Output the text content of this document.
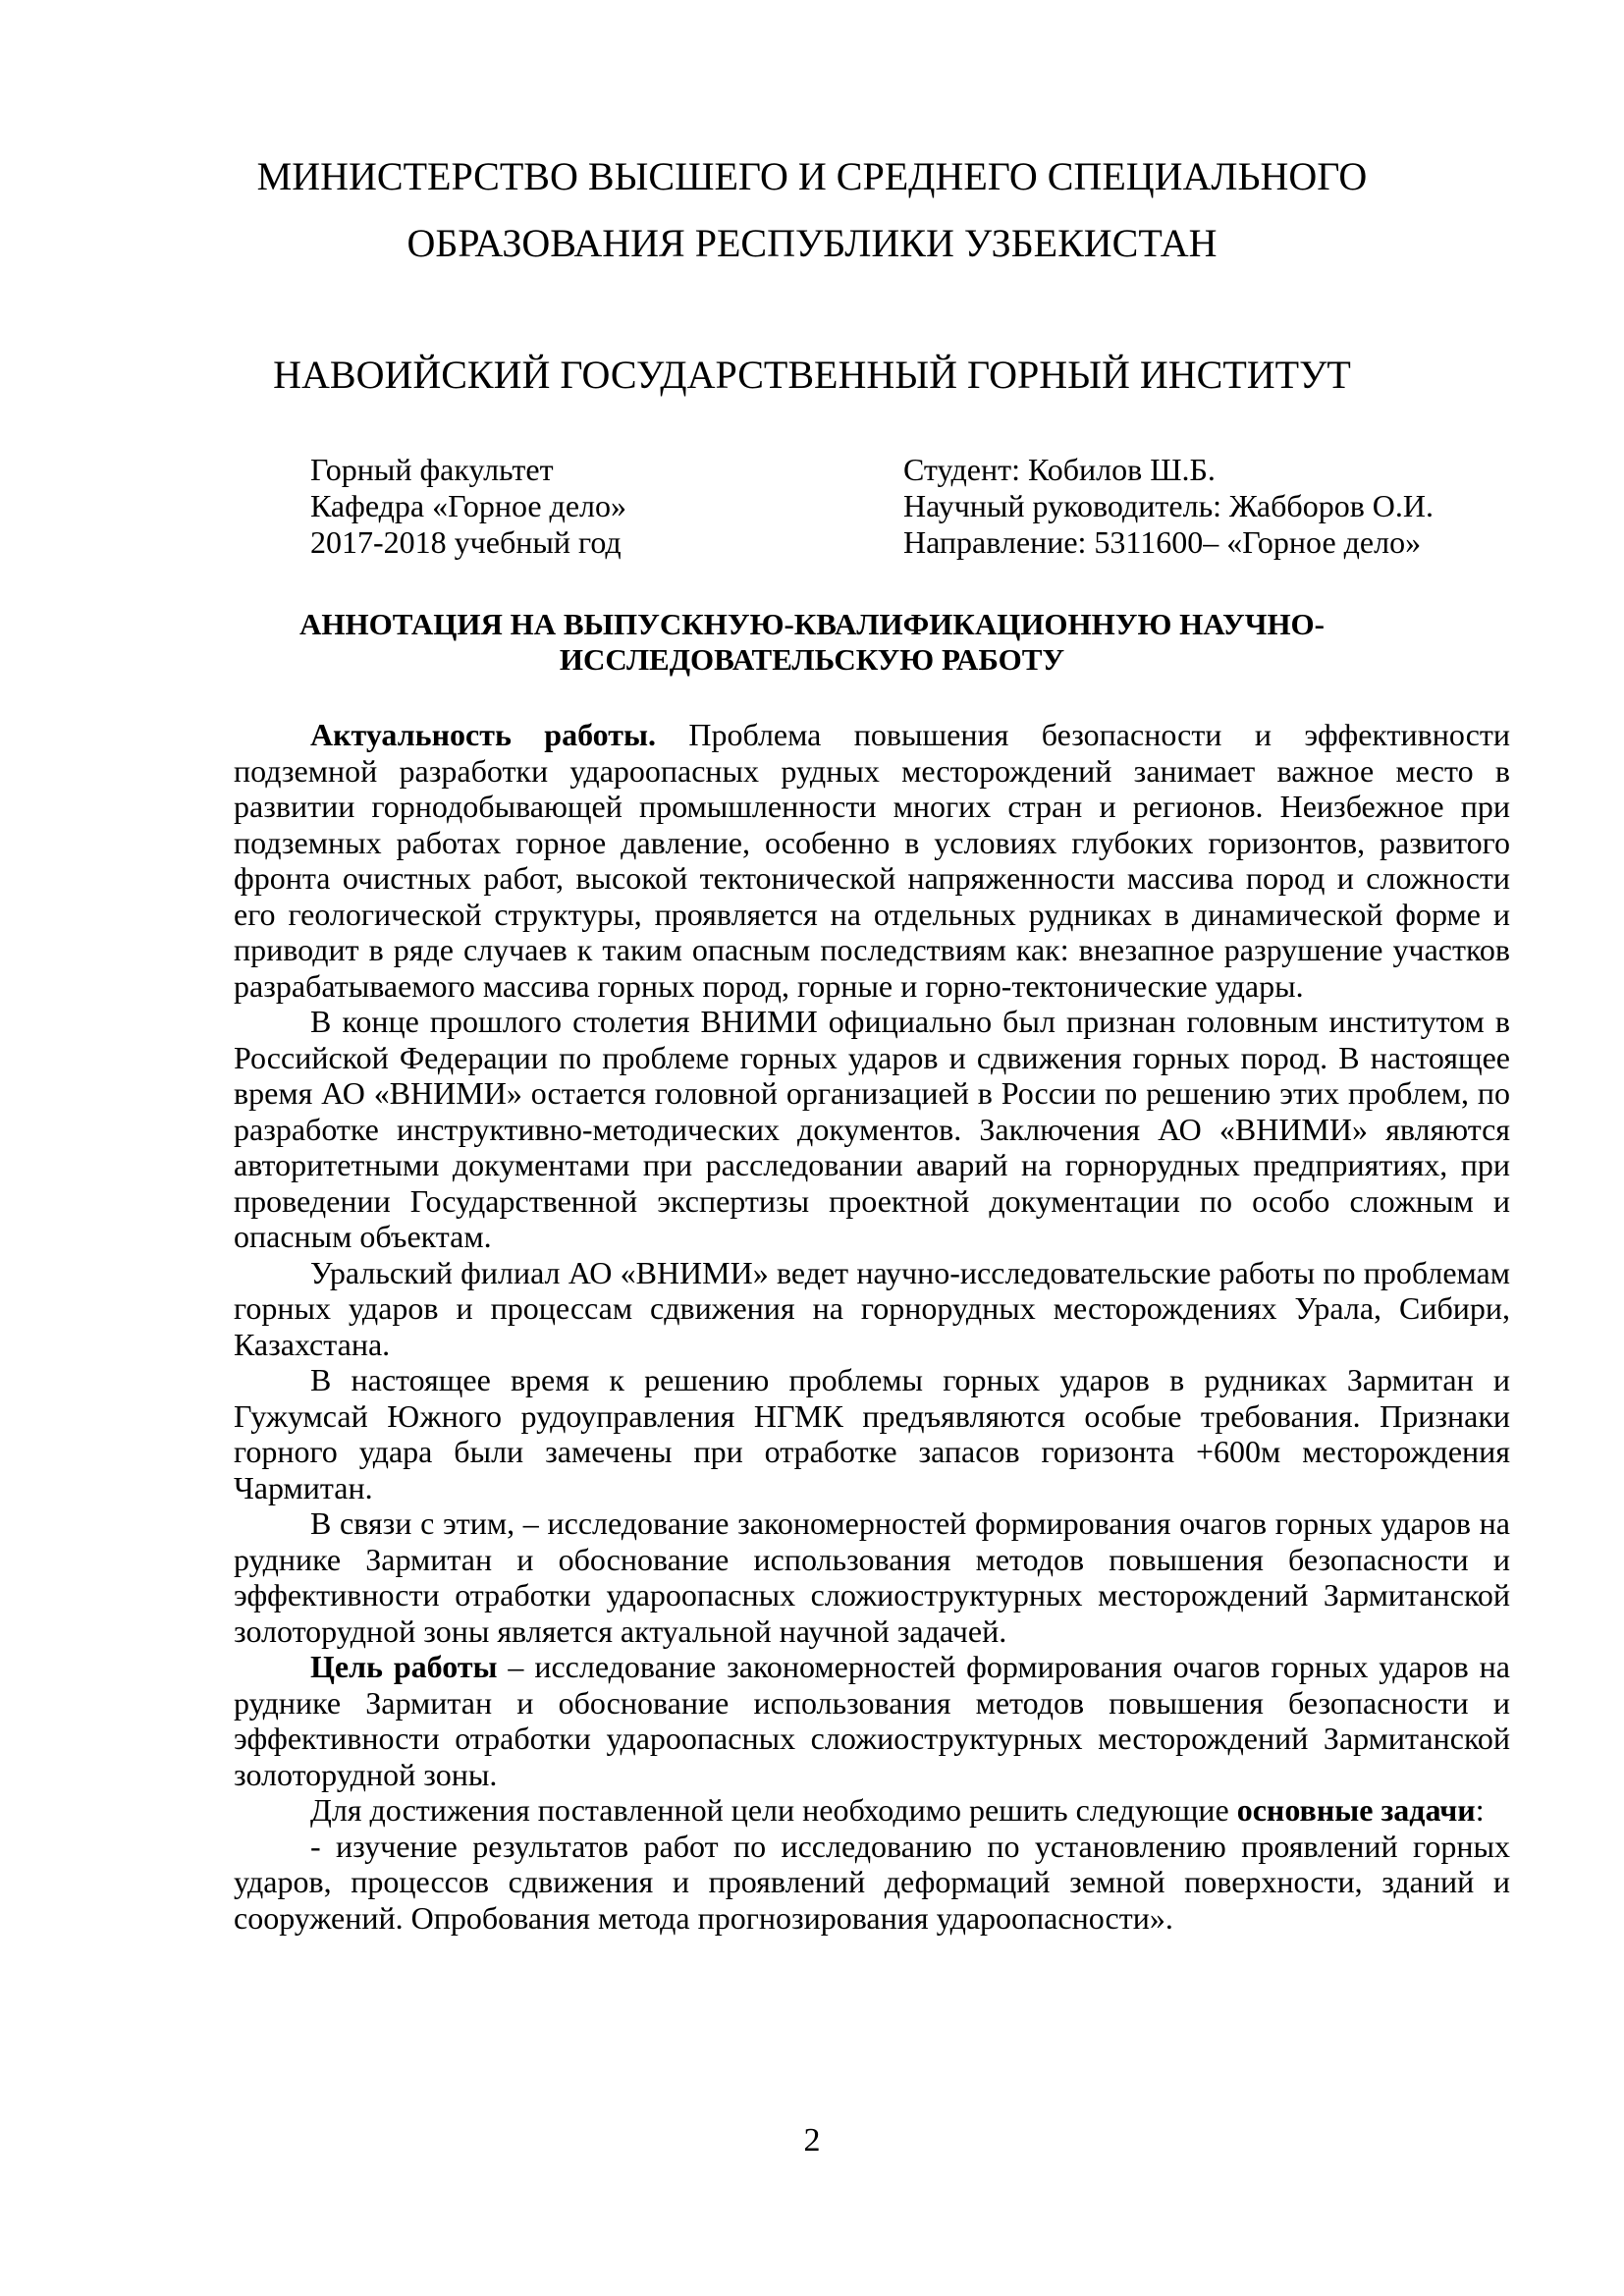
МИНИСТЕРСТВО ВЫСШЕГО И СРЕДНЕГО СПЕЦИАЛЬНОГО
ОБРАЗОВАНИЯ РЕСПУБЛИКИ УЗБЕКИСТАН
НАВОИЙСКИЙ ГОСУДАРСТВЕННЫЙ ГОРНЫЙ ИНСТИТУТ
Горный факультет
Кафедра «Горное дело»
2017-2018 учебный год
Студент: Кобилов Ш.Б.
Научный руководитель: Жабборов О.И.
Направление: 5311600– «Горное дело»
АННОТАЦИЯ НА ВЫПУСКНУЮ-КВАЛИФИКАЦИОННУЮ НАУЧНО-
ИССЛЕДОВАТЕЛЬСКУЮ РАБОТУ

Актуальность работы. Проблема повышения безопасности и эффективности подземной разработки удароопасных рудных месторождений занимает важное место в развитии горнодобывающей промышленности многих стран и регионов. Неизбежное при подземных работах горное давление, особенно в условиях глубоких горизонтов, развитого фронта очистных работ, высокой тектонической напряженности массива пород и сложности его геологической структуры, проявляется на отдельных рудниках в динамической форме и приводит в ряде случаев к таким опасным последствиям как: внезапное разрушение участков разрабатываемого массива горных пород, горные и горно-тектонические удары.

В конце прошлого столетия ВНИМИ официально был признан головным институтом в Российской Федерации по проблеме горных ударов и сдвижения горных пород. В настоящее время АО «ВНИМИ» остается головной организацией в России по решению этих проблем, по разработке инструктивно-методических документов. Заключения АО «ВНИМИ» являются авторитетными документами при расследовании аварий на горнорудных предприятиях, при проведении Государственной экспертизы проектной документации по особо сложным и опасным объектам.

Уральский филиал АО «ВНИМИ» ведет научно-исследовательские работы по проблемам горных ударов и процессам сдвижения на горнорудных месторождениях Урала, Сибири, Казахстана.

В настоящее время к решению проблемы горных ударов в рудниках Зармитан и Гужумсай Южного рудоуправления НГМК предъявляются особые требования. Признаки горного удара были замечены при отработке запасов горизонта +600м месторождения Чармитан.

В связи с этим, – исследование закономерностей формирования очагов горных ударов на руднике Зармитан и обоснование использования методов повышения безопасности и эффективности отработки удароопасных сложиоструктурных месторождений Зармитанской золоторудной зоны является актуальной научной задачей.

Цель работы – исследование закономерностей формирования очагов горных ударов на руднике Зармитан и обоснование использования методов повышения безопасности и эффективности отработки удароопасных сложиоструктурных месторождений Зармитанской золоторудной зоны.

Для достижения поставленной цели необходимо решить следующие основные задачи:

- изучение результатов работ по исследованию по установлению проявлений горных ударов, процессов сдвижения и проявлений деформаций земной поверхности, зданий и сооружений. Опробования метода прогнозирования удароопасности».

2
